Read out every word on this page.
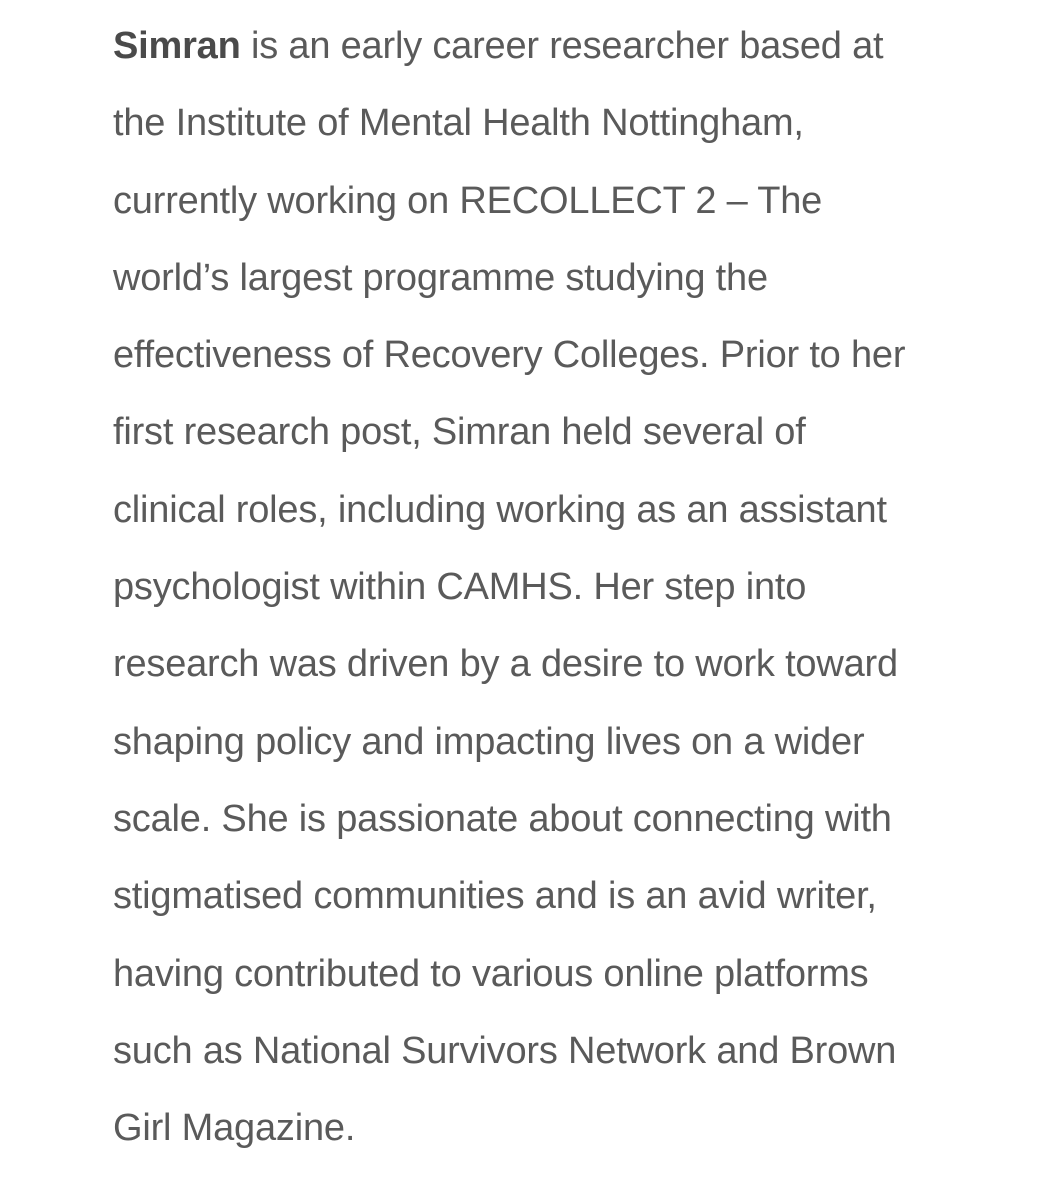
Simran is an early career researcher based at
the Institute of Mental Health Nottingham,
currently working on RECOLLECT 2 – The
world’s largest programme studying the
effectiveness of Recovery Colleges. Prior to her
first research post, Simran held several of
clinical roles, including working as an assistant
psychologist within CAMHS. Her step into
research was driven by a desire to work toward
shaping policy and impacting lives on a wider
scale. She is passionate about connecting with
stigmatised communities and is an avid writer,
having contributed to various online platforms
such as National Survivors Network and Brown
Girl Magazine.
